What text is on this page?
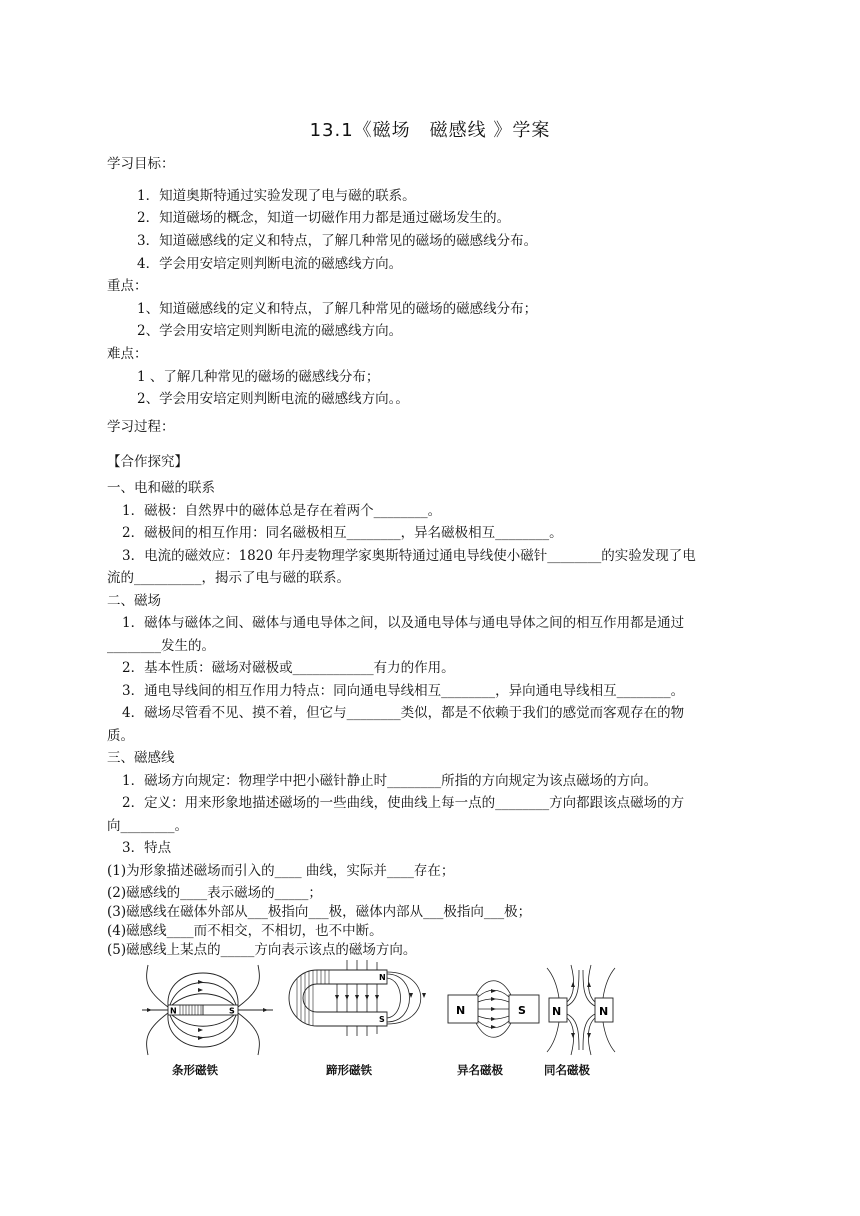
13.1《磁场　磁感线 》学案
学习目标：
1．知道奥斯特通过实验发现了电与磁的联系。
2．知道磁场的概念，知道一切磁作用力都是通过磁场发生的。
3．知道磁感线的定义和特点，了解几种常见的磁场的磁感线分布。
4．学会用安培定则判断电流的磁感线方向。
重点：
1、知道磁感线的定义和特点，了解几种常见的磁场的磁感线分布；
2、学会用安培定则判断电流的磁感线方向。
难点：
1 、了解几种常见的磁场的磁感线分布；
2、学会用安培定则判断电流的磁感线方向。。
学习过程：
【合作探究】
一、电和磁的联系
1．磁极：自然界中的磁体总是存在着两个________。
2．磁极间的相互作用：同名磁极相互________，异名磁极相互________。
3．电流的磁效应：1820 年丹麦物理学家奥斯特通过通电导线使小磁针________的实验发现了电
流的__________，揭示了电与磁的联系。
二、磁场
1．磁体与磁体之间、磁体与通电导体之间，以及通电导体与通电导体之间的相互作用都是通过
________发生的。
2．基本性质：磁场对磁极或____________有力的作用。
3．通电导线间的相互作用力特点：同向通电导线相互________，异向通电导线相互________。
4．磁场尽管看不见、摸不着，但它与________类似，都是不依赖于我们的感觉而客观存在的物
质。
三、磁感线
1．磁场方向规定：物理学中把小磁针静止时________所指的方向规定为该点磁场的方向。
2．定义：用来形象地描述磁场的一些曲线，使曲线上每一点的________方向都跟该点磁场的方
向________。
3．特点
(1)为形象描述磁场而引入的____ 曲线，实际并____存在；
(2)磁感线的____表示磁场的_____；
(3)磁感线在磁体外部从___极指向___极，磁体内部从___极指向___极；
(4)磁感线____而不相交，不相切，也不中断。
(5)磁感线上某点的_____方向表示该点的磁场方向。
N	S
N
S
N	S N	N
条形磁铁	蹄形磁铁	异名磁极	同名磁极
